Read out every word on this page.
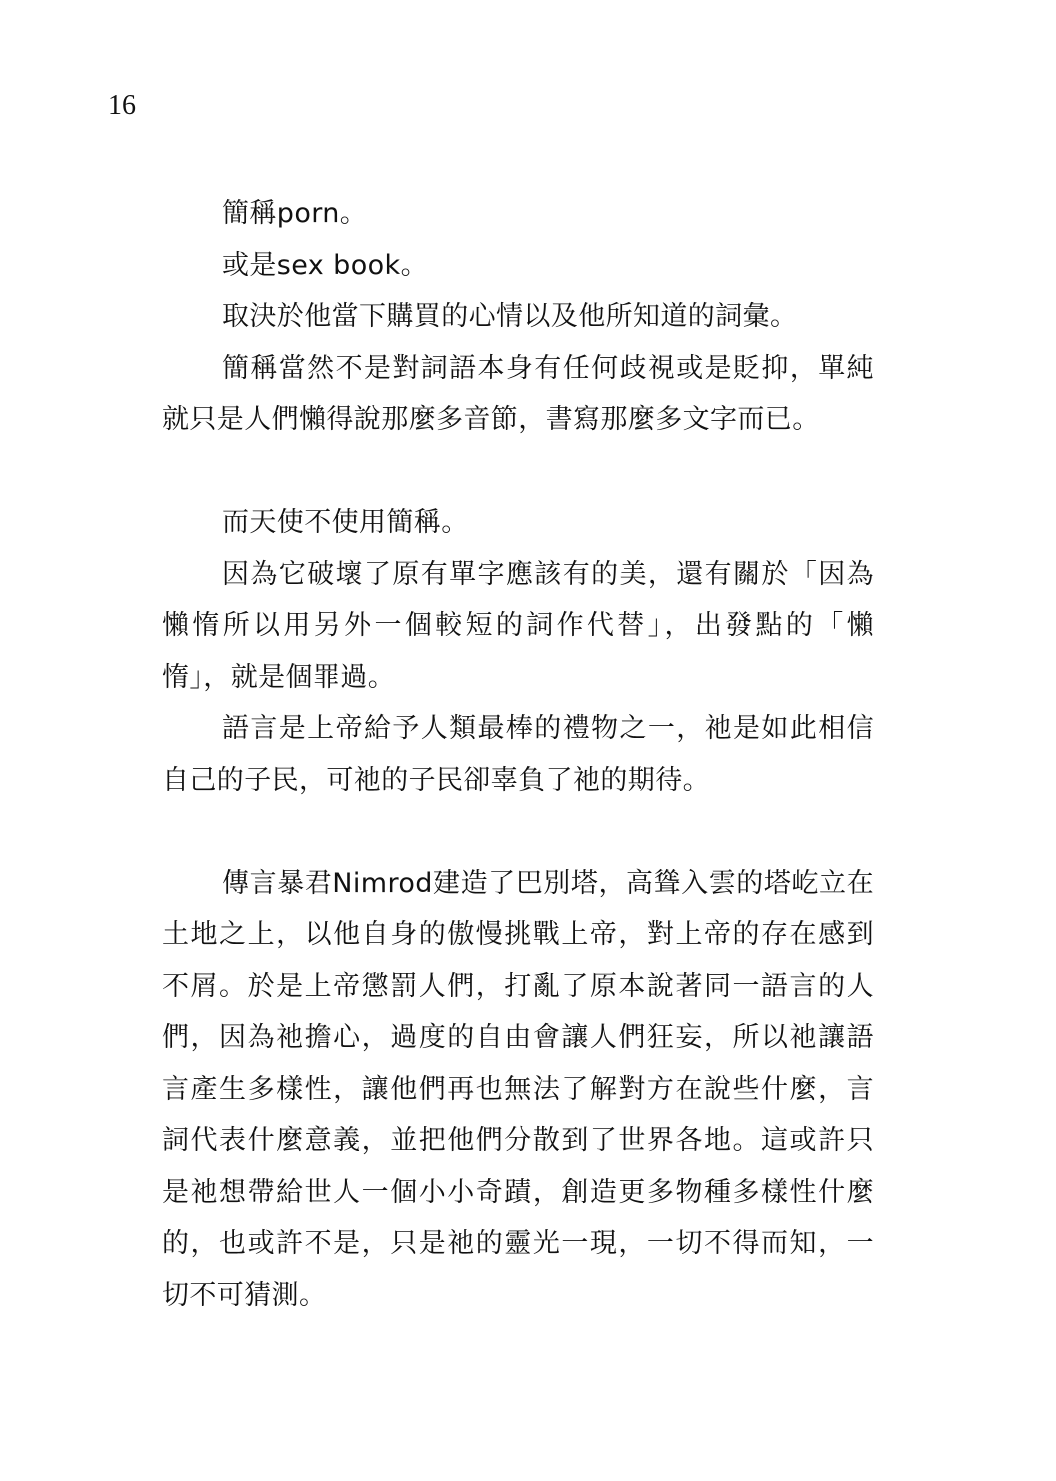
16

簡稱porn。

或是sex book。

取決於他當下購買的心情以及他所知道的詞彙。

簡稱當然不是對詞語本身有任何歧視或是貶抑，單純就只是人們懶得說那麼多音節，書寫那麼多文字而已。

而天使不使用簡稱。

因為它破壞了原有單字應該有的美，還有關於「因為懶惰所以用另外一個較短的詞作代替」，出發點的「懶惰」，就是個罪過。

語言是上帝給予人類最棒的禮物之一，祂是如此相信自己的子民，可祂的子民卻辜負了祂的期待。

傳言暴君Nimrod建造了巴別塔，高聳入雲的塔屹立在土地之上，以他自身的傲慢挑戰上帝，對上帝的存在感到不屑。於是上帝懲罰人們，打亂了原本說著同一語言的人們，因為祂擔心，過度的自由會讓人們狂妄，所以祂讓語言產生多樣性，讓他們再也無法了解對方在說些什麼，言詞代表什麼意義，並把他們分散到了世界各地。這或許只是祂想帶給世人一個小小奇蹟，創造更多物種多樣性什麼的，也或許不是，只是祂的靈光一現，一切不得而知，一切不可猜測。
